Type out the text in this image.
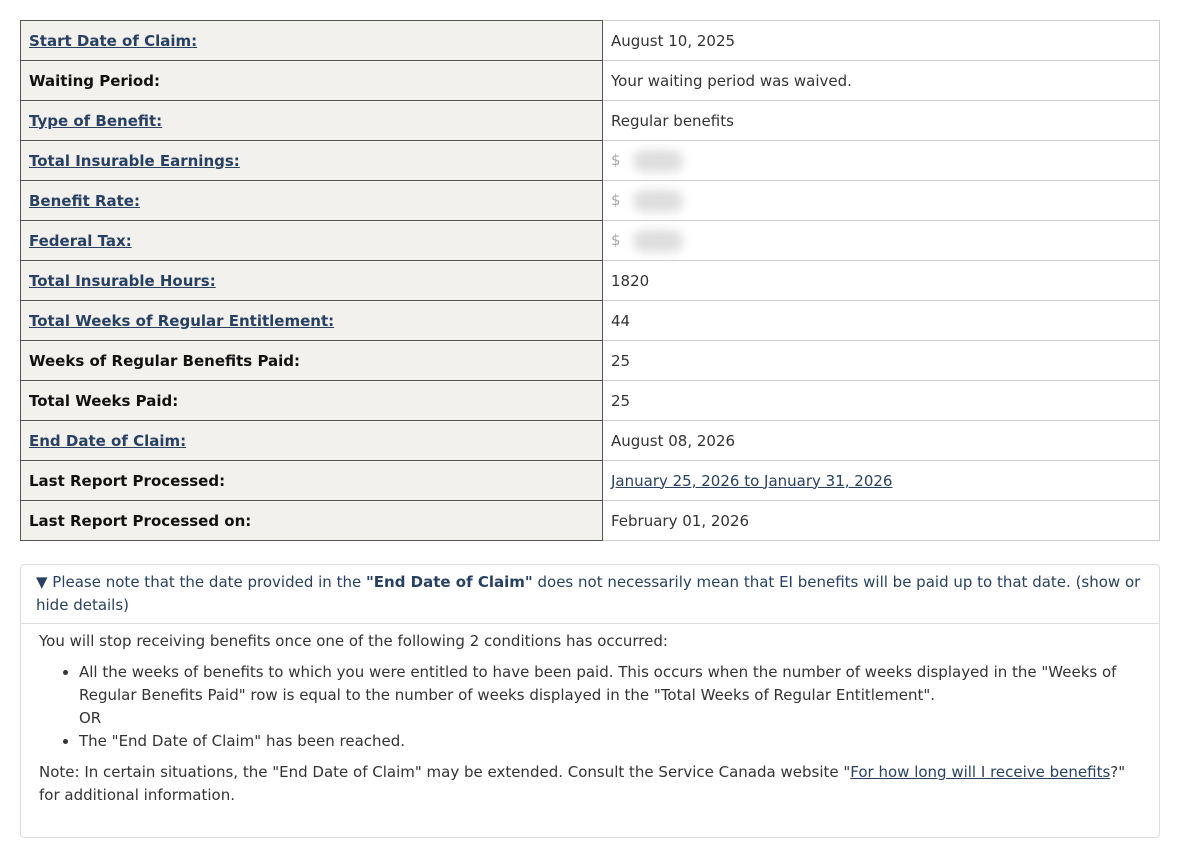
Start Date of Claim:	August 10, 2025
Waiting Period:	Your waiting period was waived.
Type of Benefit:	Regular benefits
Total Insurable Earnings:	$
Benefit Rate:	$
Federal Tax:	$
Total Insurable Hours:	1820
Total Weeks of Regular Entitlement:	44
Weeks of Regular Benefits Paid:	25
Total Weeks Paid:	25
End Date of Claim:	August 08, 2026
Last Report Processed:	January 25, 2026 to January 31, 2026
Last Report Processed on:	February 01, 2026
▼ Please note that the date provided in the "End Date of Claim" does not necessarily mean that EI benefits will be paid up to that date. (show or hide details)

You will stop receiving benefits once one of the following 2 conditions has occurred:

• All the weeks of benefits to which you were entitled to have been paid. This occurs when the number of weeks displayed in the "Weeks of Regular Benefits Paid" row is equal to the number of weeks displayed in the "Total Weeks of Regular Entitlement".
OR
• The "End Date of Claim" has been reached.

Note: In certain situations, the "End Date of Claim" may be extended. Consult the Service Canada website "For how long will I receive benefits?" for additional information.
